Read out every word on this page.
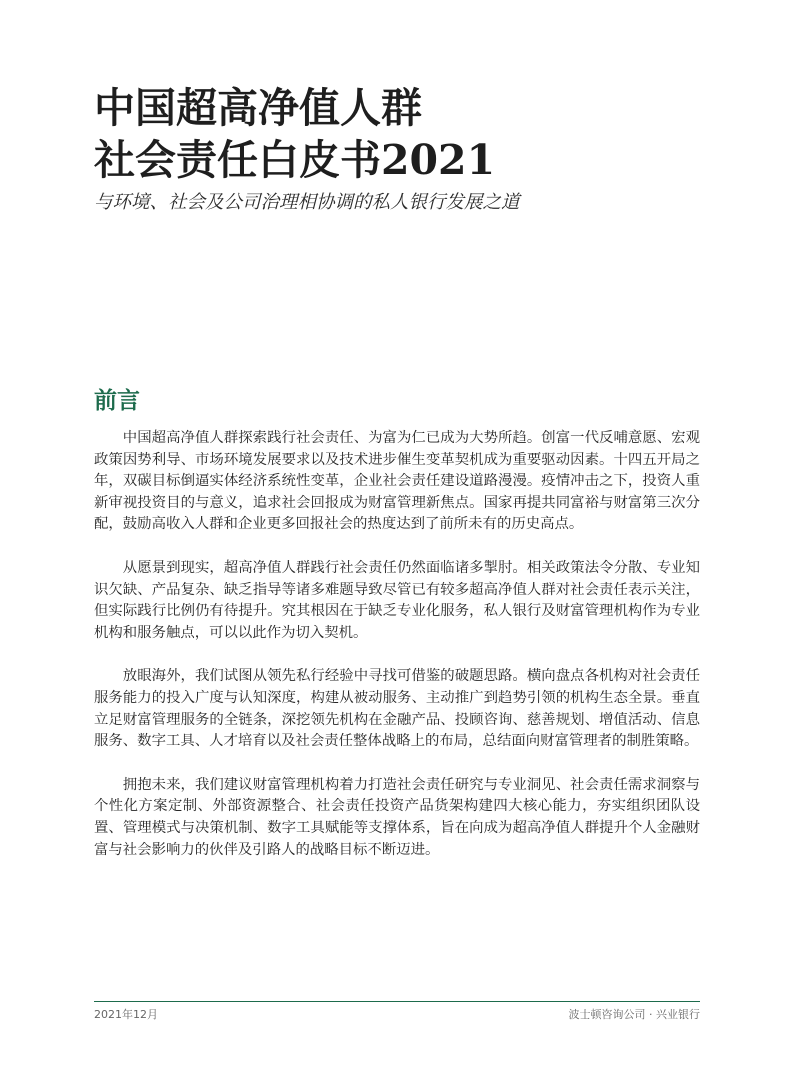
中国超高净值人群
社会责任白皮书2021
与环境、社会及公司治理相协调的私人银行发展之道
前言

中国超高净值人群探索践行社会责任、为富为仁已成为大势所趋。创富一代反哺意愿、宏观政策因势利导、市场环境发展要求以及技术进步催生变革契机成为重要驱动因素。十四五开局之年，双碳目标倒逼实体经济系统性变革，企业社会责任建设道路漫漫。疫情冲击之下，投资人重新审视投资目的与意义，追求社会回报成为财富管理新焦点。国家再提共同富裕与财富第三次分配，鼓励高收入人群和企业更多回报社会的热度达到了前所未有的历史高点。

从愿景到现实，超高净值人群践行社会责任仍然面临诸多掣肘。相关政策法令分散、专业知识欠缺、产品复杂、缺乏指导等诸多难题导致尽管已有较多超高净值人群对社会责任表示关注，但实际践行比例仍有待提升。究其根因在于缺乏专业化服务，私人银行及财富管理机构作为专业机构和服务触点，可以以此作为切入契机。

放眼海外，我们试图从领先私行经验中寻找可借鉴的破题思路。横向盘点各机构对社会责任服务能力的投入广度与认知深度，构建从被动服务、主动推广到趋势引领的机构生态全景。垂直立足财富管理服务的全链条，深挖领先机构在金融产品、投顾咨询、慈善规划、增值活动、信息服务、数字工具、人才培育以及社会责任整体战略上的布局，总结面向财富管理者的制胜策略。

拥抱未来，我们建议财富管理机构着力打造社会责任研究与专业洞见、社会责任需求洞察与个性化方案定制、外部资源整合、社会责任投资产品货架构建四大核心能力，夯实组织团队设置、管理模式与决策机制、数字工具赋能等支撑体系，旨在向成为超高净值人群提升个人金融财富与社会影响力的伙伴及引路人的战略目标不断迈进。

2021年12月	波士顿咨询公司 · 兴业银行
